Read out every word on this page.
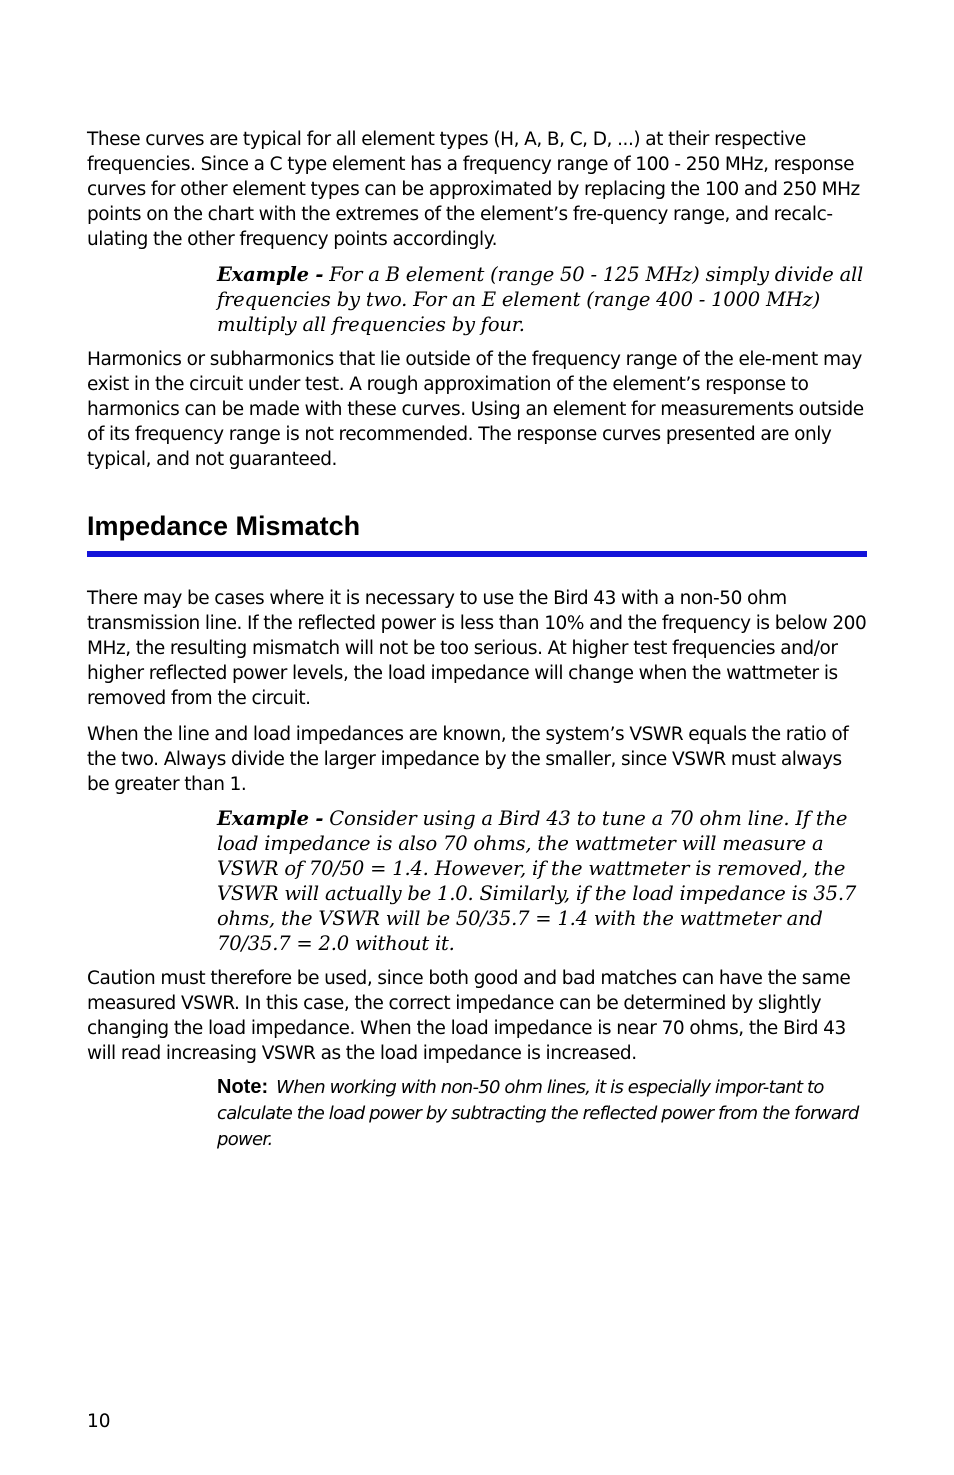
These curves are typical for all element types (H, A, B, C, D, ...) at their respective frequencies. Since a C type element has a frequency range of 100 - 250 MHz, response curves for other element types can be approximated by replacing the 100 and 250 MHz points on the chart with the extremes of the element’s fre-quency range, and recalc-ulating the other frequency points accordingly.

Example - For a B element (range 50 - 125 MHz) simply divide all frequencies by two. For an E element (range 400 - 1000 MHz) multiply all frequencies by four.

Harmonics or subharmonics that lie outside of the frequency range of the ele-ment may exist in the circuit under test. A rough approximation of the element’s response to harmonics can be made with these curves. Using an element for measurements outside of its frequency range is not recommended. The response curves presented are only typical, and not guaranteed.

Impedance Mismatch

There may be cases where it is necessary to use the Bird 43 with a non-50 ohm transmission line. If the reflected power is less than 10% and the frequency is below 200 MHz, the resulting mismatch will not be too serious. At higher test frequencies and/or higher reflected power levels, the load impedance will change when the wattmeter is removed from the circuit.

When the line and load impedances are known, the system’s VSWR equals the ratio of the two. Always divide the larger impedance by the smaller, since VSWR must always be greater than 1.

Example - Consider using a Bird 43 to tune a 70 ohm line. If the load impedance is also 70 ohms, the wattmeter will measure a VSWR of 70/50 = 1.4. However, if the wattmeter is removed, the VSWR will actually be 1.0. Similarly, if the load impedance is 35.7 ohms, the VSWR will be 50/35.7 = 1.4 with the wattmeter and 70/35.7 = 2.0 without it.

Caution must therefore be used, since both good and bad matches can have the same measured VSWR. In this case, the correct impedance can be determined by slightly changing the load impedance. When the load impedance is near 70 ohms, the Bird 43 will read increasing VSWR as the load impedance is increased.

Note: When working with non-50 ohm lines, it is especially impor-tant to calculate the load power by subtracting the reflected power from the forward power.

10
